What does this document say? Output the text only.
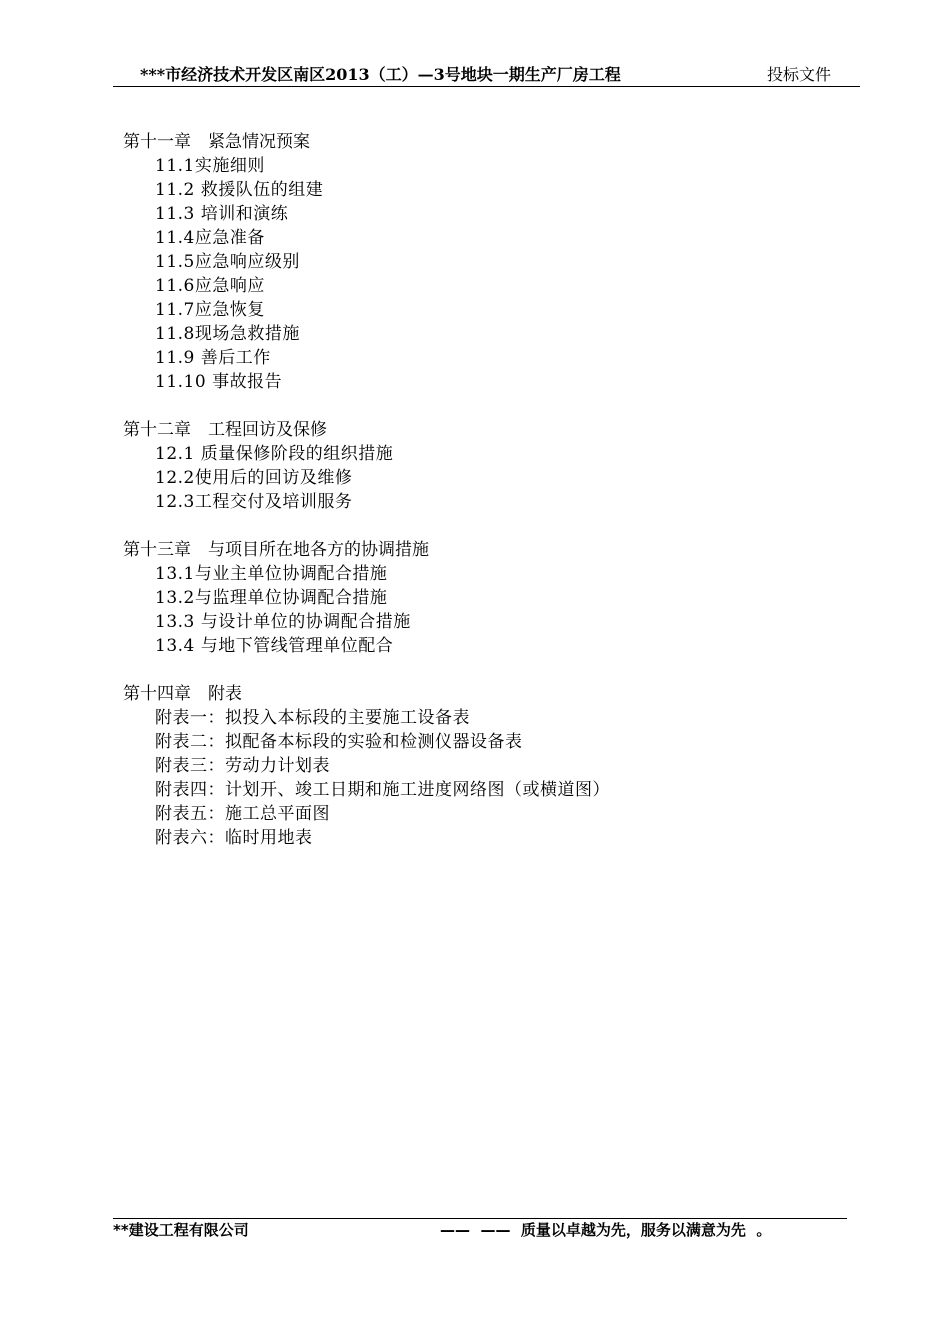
***市经济技术开发区南区2013（工）—3号地块一期生产厂房工程	投标文件
第十一章　紧急情况预案
11.1实施细则
11.2 救援队伍的组建
11.3 培训和演练
11.4应急准备
11.5应急响应级别
11.6应急响应
11.7应急恢复
11.8现场急救措施
11.9 善后工作
11.10 事故报告
第十二章　工程回访及保修
12.1 质量保修阶段的组织措施
12.2使用后的回访及维修
12.3工程交付及培训服务
第十三章　与项目所在地各方的协调措施
13.1与业主单位协调配合措施
13.2与监理单位协调配合措施
13.3 与设计单位的协调配合措施
13.4 与地下管线管理单位配合
第十四章　附表
附表一：拟投入本标段的主要施工设备表
附表二：拟配备本标段的实验和检测仪器设备表
附表三：劳动力计划表
附表四：计划开、竣工日期和施工进度网络图（或横道图）
附表五：施工总平面图
附表六：临时用地表
**建设工程有限公司	——  ——  质量以卓越为先，服务以满意为先  。
